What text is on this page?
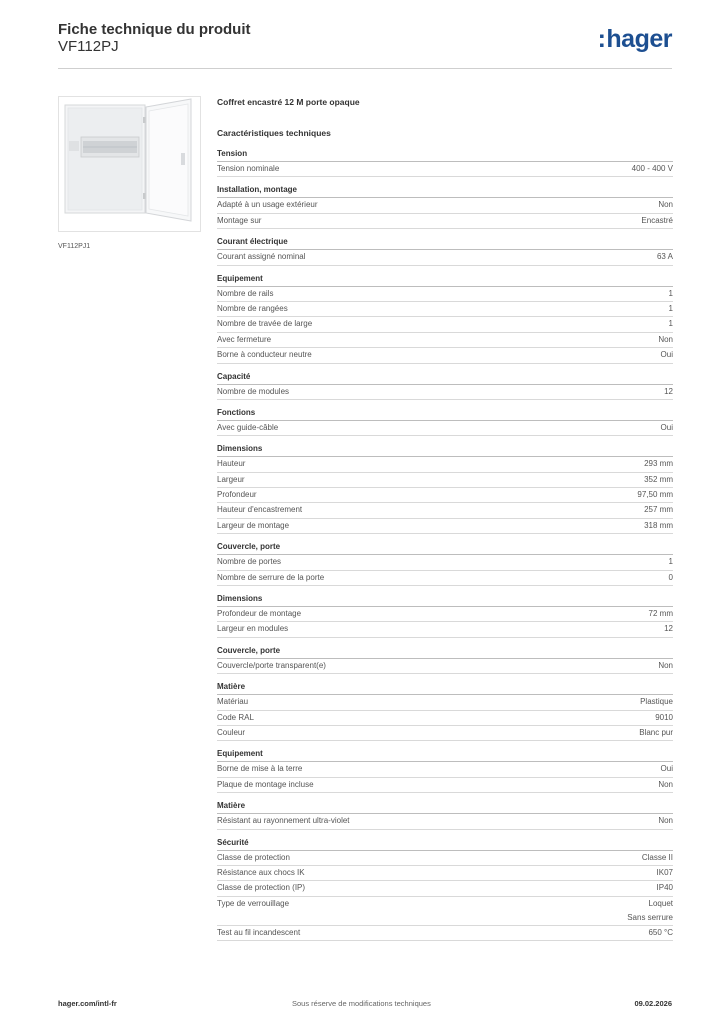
Fiche technique du produit
VF112PJ	:hager
VF112PJ1
Coffret encastré 12 M porte opaque
Caractéristiques techniques
Tension
Tension nominale	400 - 400 V
Installation, montage
Adapté à un usage extérieur	Non
Montage sur	Encastré
Courant électrique
Courant assigné nominal	63 A
Equipement
Nombre de rails	1
Nombre de rangées	1
Nombre de travée de large	1
Avec fermeture	Non
Borne à conducteur neutre	Oui
Capacité
Nombre de modules	12
Fonctions
Avec guide-câble	Oui
Dimensions
Hauteur	293 mm
Largeur	352 mm
Profondeur	97,50 mm
Hauteur d'encastrement	257 mm
Largeur de montage	318 mm
Couvercle, porte
Nombre de portes	1
Nombre de serrure de la porte	0
Dimensions
Profondeur de montage	72 mm
Largeur en modules	12
Couvercle, porte
Couvercle/porte transparent(e)	Non
Matière
Matériau	Plastique
Code RAL	9010
Couleur	Blanc pur
Equipement
Borne de mise à la terre	Oui
Plaque de montage incluse	Non
Matière
Résistant au rayonnement ultra-violet	Non
Sécurité
Classe de protection	Classe II
Résistance aux chocs IK	IK07
Classe de protection (IP)	IP40
Type de verrouillage	Loquet
Sans serrure
Test au fil incandescent	650 °C
hager.com/intl-fr	Sous réserve de modifications techniques	09.02.2026
